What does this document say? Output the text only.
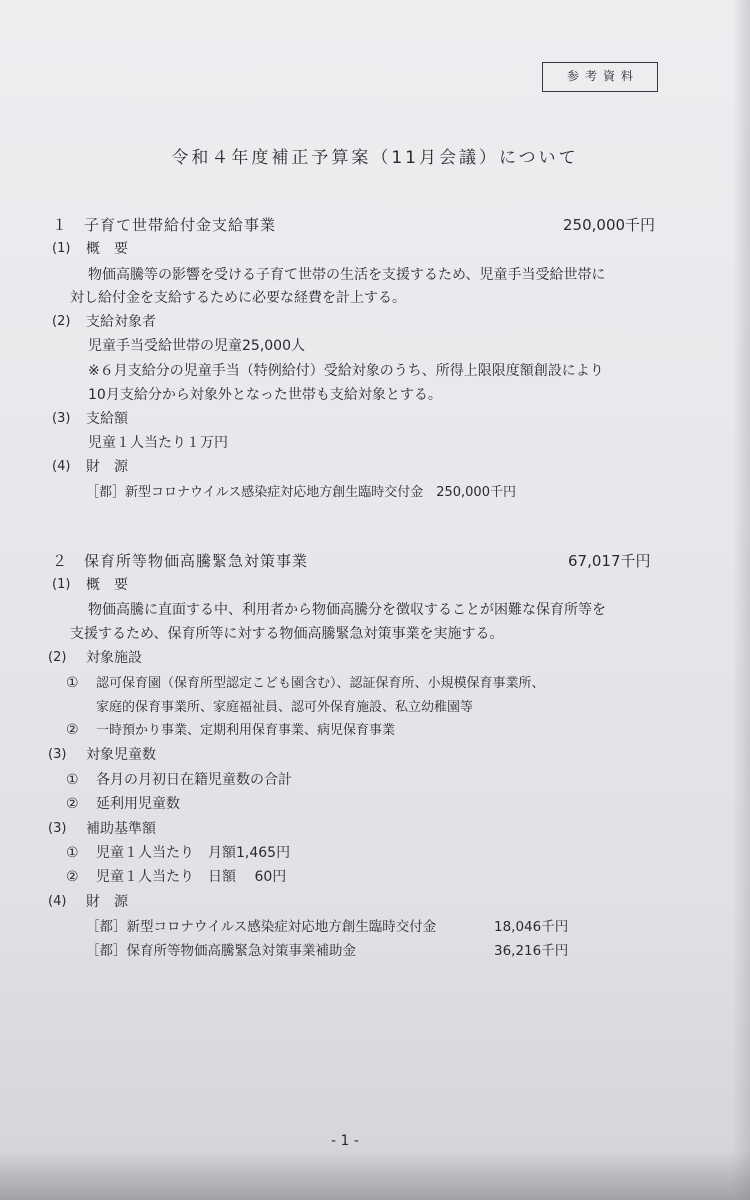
参考資料
令和４年度補正予算案（11月会議）について
１　子育て世帯給付金支給事業	250,000千円
(1) 概　要
物価高騰等の影響を受ける子育て世帯の生活を支援するため、児童手当受給世帯に
対し給付金を支給するために必要な経費を計上する。
(2) 支給対象者
児童手当受給世帯の児童25,000人
※６月支給分の児童手当（特例給付）受給対象のうち、所得上限限度額創設により
10月支給分から対象外となった世帯も支給対象とする。
(3) 支給額
児童１人当たり１万円
(4) 財　源
［都］新型コロナウイルス感染症対応地方創生臨時交付金　250,000千円
２　保育所等物価高騰緊急対策事業	67,017千円
(1) 概　要
物価高騰に直面する中、利用者から物価高騰分を徴収することが困難な保育所等を
支援するため、保育所等に対する物価高騰緊急対策事業を実施する。
(2) 対象施設
① 認可保育園（保育所型認定こども園含む）、認証保育所、小規模保育事業所、
家庭的保育事業所、家庭福祉員、認可外保育施設、私立幼稚園等
② 一時預かり事業、定期利用保育事業、病児保育事業
(3) 対象児童数
① 各月の月初日在籍児童数の合計
② 延利用児童数
(3) 補助基準額
① 児童１人当たり　月額1,465円
② 児童１人当たり　日額　 60円
(4) 財　源
［都］新型コロナウイルス感染症対応地方創生臨時交付金	18,046千円
［都］保育所等物価高騰緊急対策事業補助金	36,216千円
- 1 -
